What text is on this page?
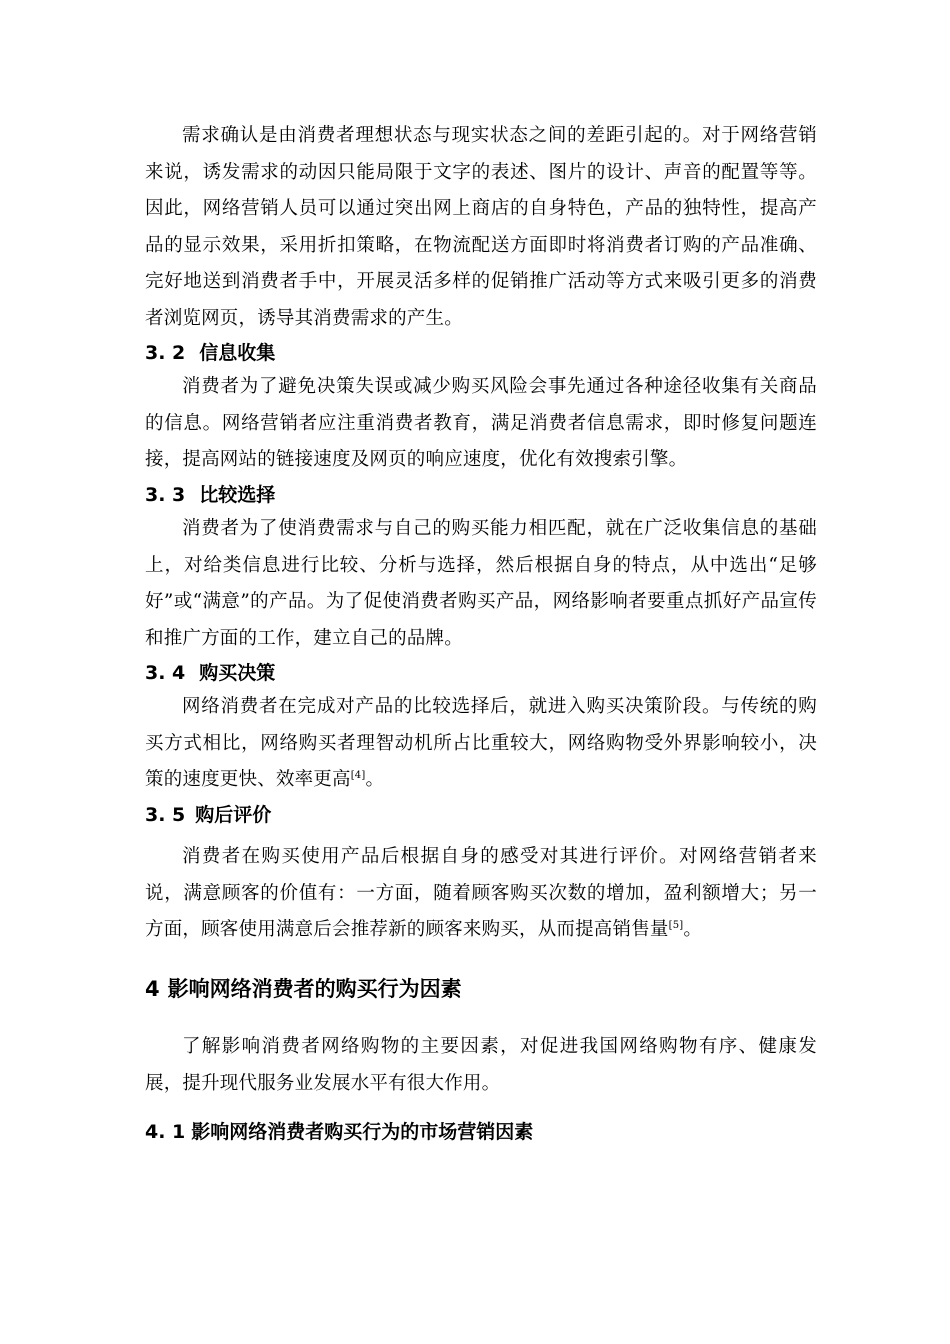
需求确认是由消费者理想状态与现实状态之间的差距引起的。对于网络营销来说，诱发需求的动因只能局限于文字的表述、图片的设计、声音的配置等等。因此，网络营销人员可以通过突出网上商店的自身特色，产品的独特性，提高产品的显示效果，采用折扣策略，在物流配送方面即时将消费者订购的产品准确、完好地送到消费者手中，开展灵活多样的促销推广活动等方式来吸引更多的消费者浏览网页，诱导其消费需求的产生。

3. 2 信息收集

消费者为了避免决策失误或减少购买风险会事先通过各种途径收集有关商品的信息。网络营销者应注重消费者教育，满足消费者信息需求，即时修复问题连接，提高网站的链接速度及网页的响应速度，优化有效搜索引擎。

3. 3 比较选择

消费者为了使消费需求与自己的购买能力相匹配，就在广泛收集信息的基础上，对给类信息进行比较、分析与选择，然后根据自身的特点，从中选出“足够好”或“满意”的产品。为了促使消费者购买产品，网络影响者要重点抓好产品宣传和推广方面的工作，建立自己的品牌。

3. 4 购买决策

网络消费者在完成对产品的比较选择后，就进入购买决策阶段。与传统的购买方式相比，网络购买者理智动机所占比重较大，网络购物受外界影响较小，决策的速度更快、效率更高[4]。

3. 5 购后评价

消费者在购买使用产品后根据自身的感受对其进行评价。对网络营销者来说，满意顾客的价值有：一方面，随着顾客购买次数的增加，盈利额增大；另一方面，顾客使用满意后会推荐新的顾客来购买，从而提高销售量[5]。

4 影响网络消费者的购买行为因素

了解影响消费者网络购物的主要因素，对促进我国网络购物有序、健康发展，提升现代服务业发展水平有很大作用。

4. 1 影响网络消费者购买行为的市场营销因素
